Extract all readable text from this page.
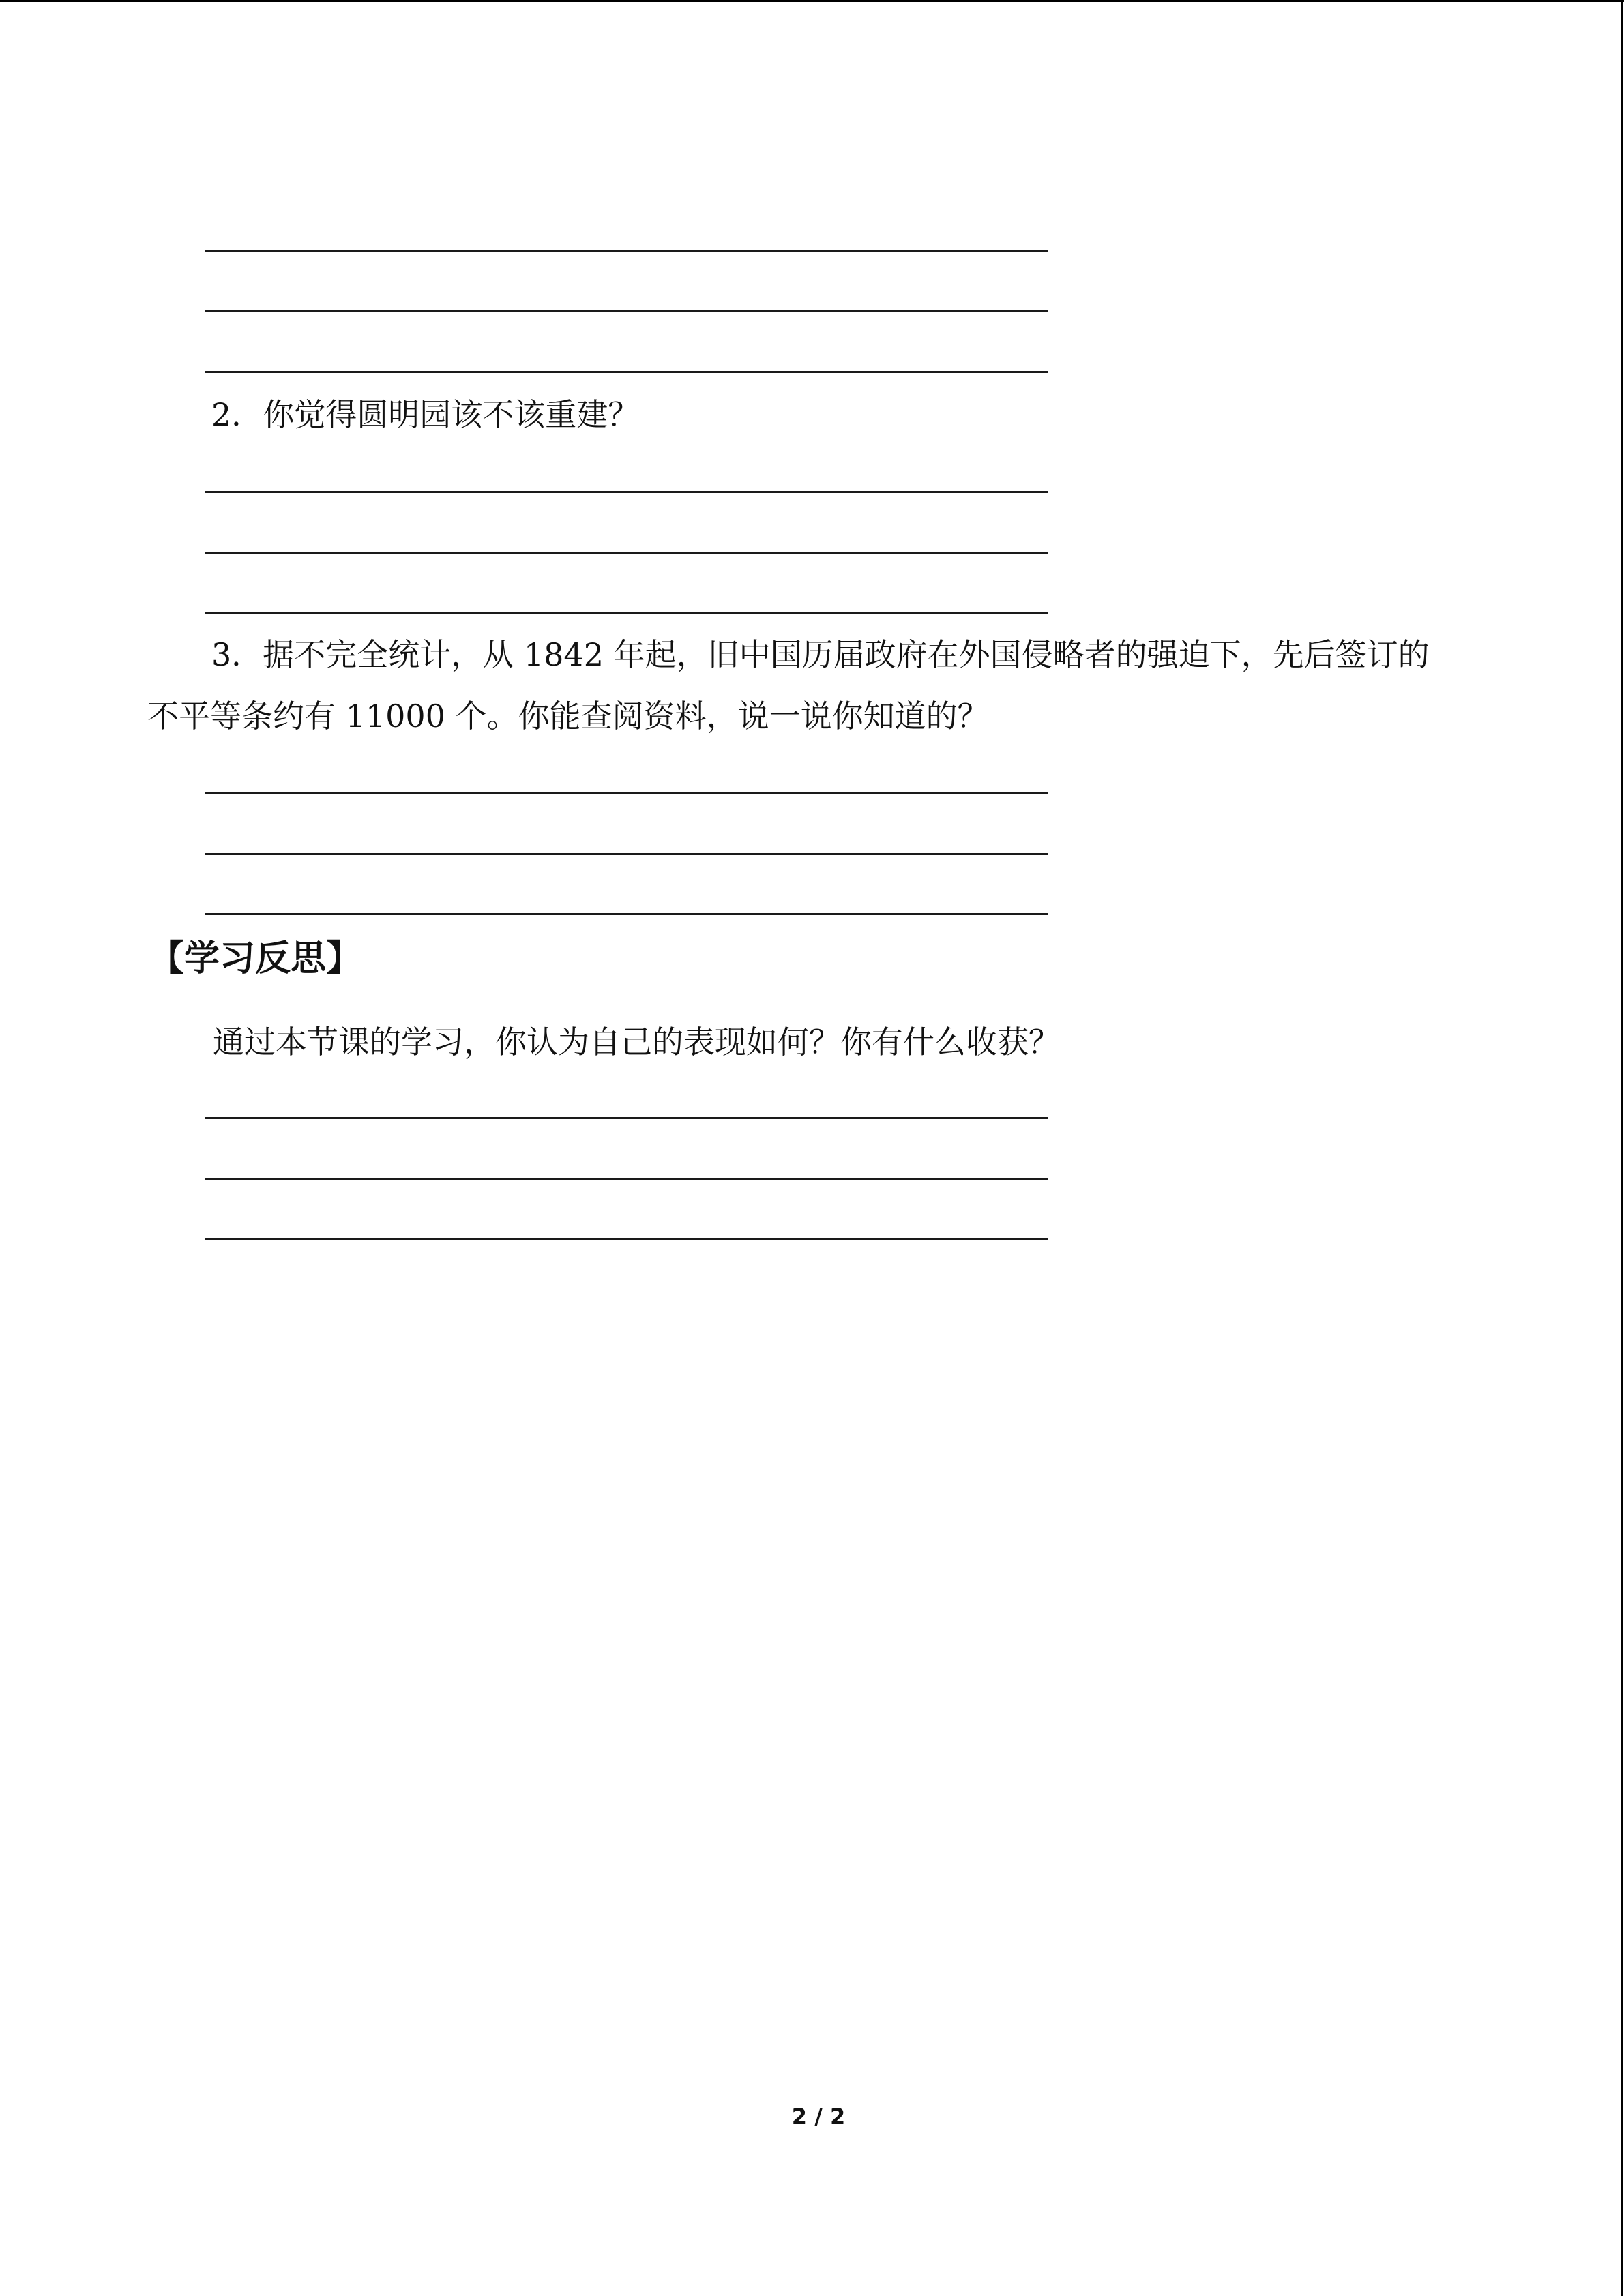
2．你觉得圆明园该不该重建？
3．据不完全统计，从 1842 年起，旧中国历届政府在外国侵略者的强迫下，先后签订的
不平等条约有 11000 个。你能查阅资料，说一说你知道的？
【学习反思】
通过本节课的学习，你认为自己的表现如何？你有什么收获？
2 / 2
